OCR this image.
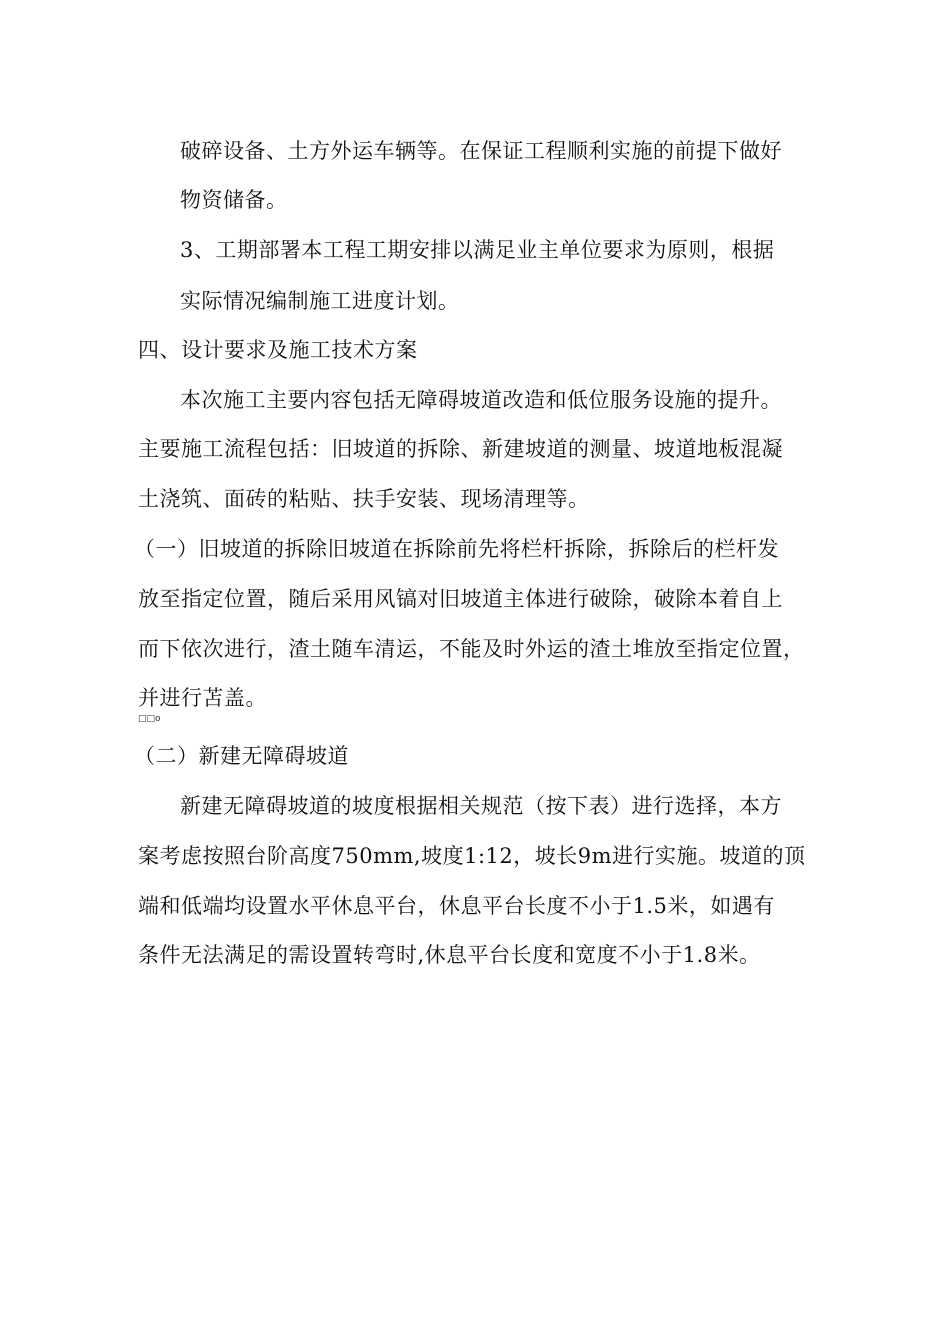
破碎设备、土方外运车辆等。在保证工程顺利实施的前提下做好
物资储备。
3、工期部署本工程工期安排以满足业主单位要求为原则，根据
实际情况编制施工进度计划。
四、设计要求及施工技术方案
本次施工主要内容包括无障碍坡道改造和低位服务设施的提升。
主要施工流程包括：旧坡道的拆除、新建坡道的测量、坡道地板混凝
土浇筑、面砖的粘贴、扶手安装、现场清理等。
（一）旧坡道的拆除旧坡道在拆除前先将栏杆拆除，拆除后的栏杆发
放至指定位置，随后采用风镐对旧坡道主体进行破除，破除本着自上
而下依次进行，渣土随车清运，不能及时外运的渣土堆放至指定位置，
并进行苫盖。
□□o
（二）新建无障碍坡道
新建无障碍坡道的坡度根据相关规范（按下表）进行选择，本方
案考虑按照台阶高度750mm,坡度1:12，坡长9m进行实施。坡道的顶
端和低端均设置水平休息平台，休息平台长度不小于1.5米，如遇有
条件无法满足的需设置转弯时,休息平台长度和宽度不小于1.8米。
